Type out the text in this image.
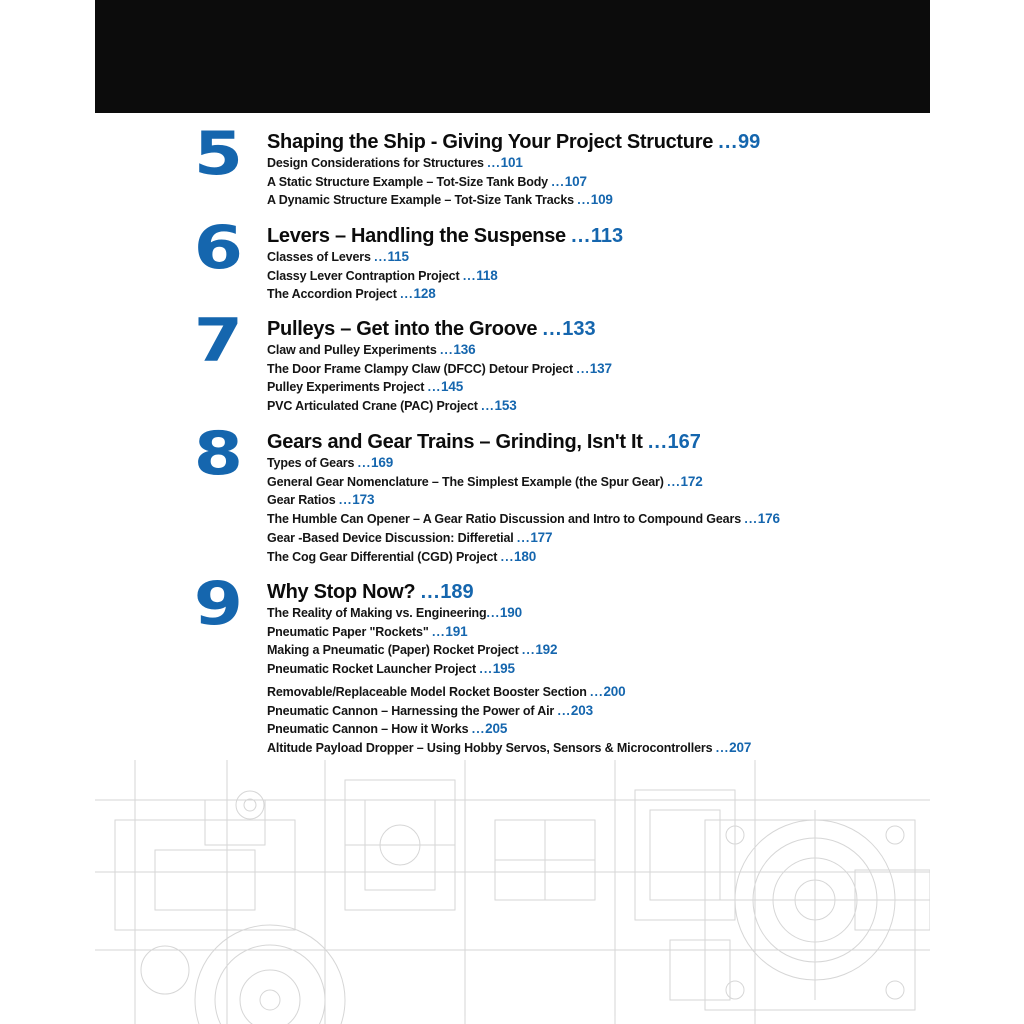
5	Shaping the Ship - Giving Your Project Structure ...99
Design Considerations for Structures ...101
A Static Structure Example – Tot-Size Tank Body ...107
A Dynamic Structure Example – Tot-Size Tank Tracks ...109
6	Levers – Handling the Suspense ...113
Classes of Levers ...115
Classy Lever Contraption Project ...118
The Accordion Project ...128
7	Pulleys – Get into the Groove ...133
Claw and Pulley Experiments ...136
The Door Frame Clampy Claw (DFCC) Detour Project ...137
Pulley Experiments Project ...145
PVC Articulated Crane (PAC) Project ...153
8	Gears and Gear Trains – Grinding, Isn't It ...167
Types of Gears ...169
General Gear Nomenclature – The Simplest Example (the Spur Gear) ...172
Gear Ratios ...173
The Humble Can Opener – A Gear Ratio Discussion and Intro to Compound Gears ...176
Gear -Based Device Discussion: Differetial ...177
The Cog Gear Differential (CGD) Project ...180
9	Why Stop Now? ...189
The Reality of Making vs. Engineering...190
Pneumatic Paper "Rockets" ...191
Making a Pneumatic (Paper) Rocket Project ...192
Pneumatic Rocket Launcher Project ...195
Removable/Replaceable Model Rocket Booster Section ...200
Pneumatic Cannon – Harnessing the Power of Air ...203
Pneumatic Cannon – How it Works ...205
Altitude Payload Dropper – Using Hobby Servos, Sensors & Microcontrollers ...207
